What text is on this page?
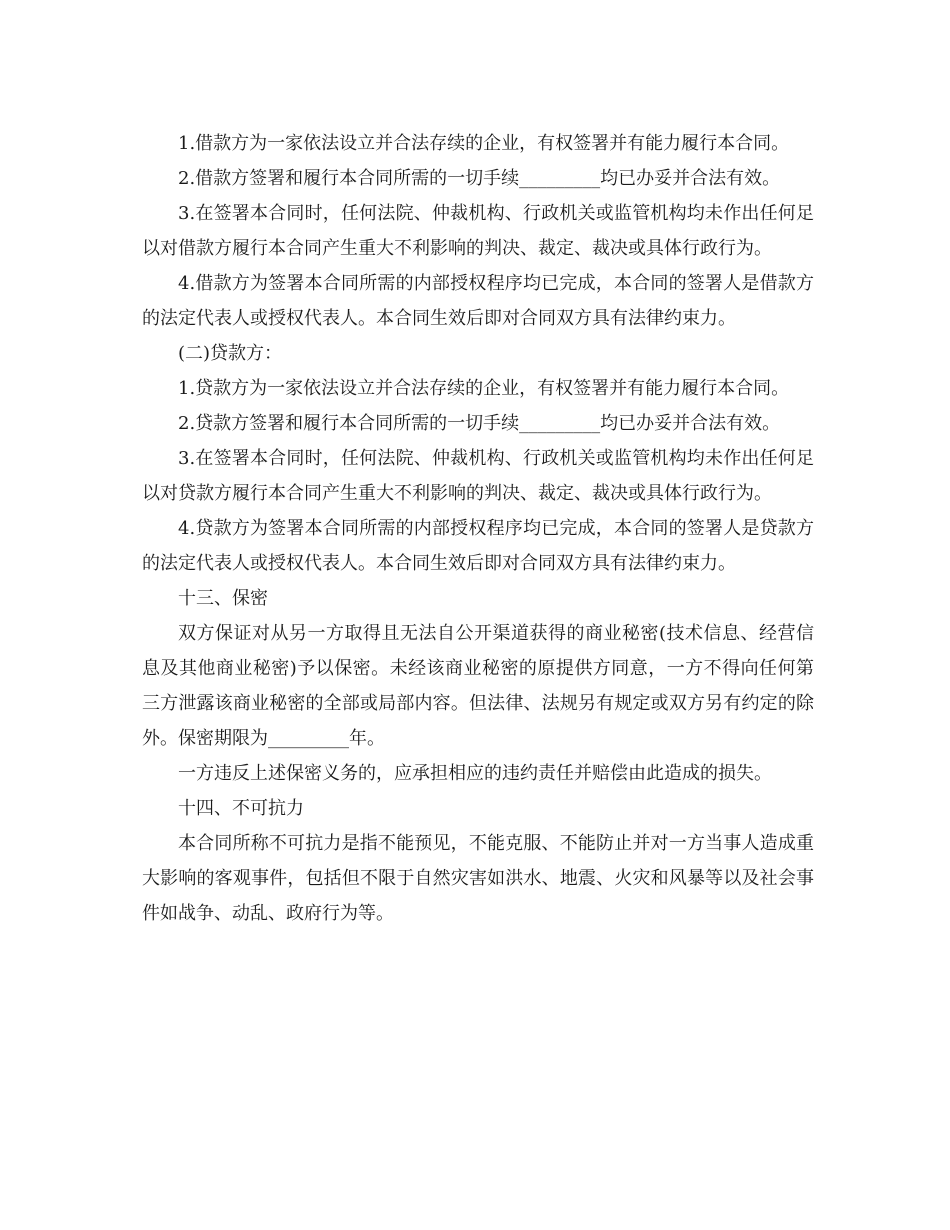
1.借款方为一家依法设立并合法存续的企业，有权签署并有能力履行本合同。

2.借款方签署和履行本合同所需的一切手续_________均已办妥并合法有效。

3.在签署本合同时，任何法院、仲裁机构、行政机关或监管机构均未作出任何足以对借款方履行本合同产生重大不利影响的判决、裁定、裁决或具体行政行为。

4.借款方为签署本合同所需的内部授权程序均已完成，本合同的签署人是借款方的法定代表人或授权代表人。本合同生效后即对合同双方具有法律约束力。

(二)贷款方：

1.贷款方为一家依法设立并合法存续的企业，有权签署并有能力履行本合同。

2.贷款方签署和履行本合同所需的一切手续_________均已办妥并合法有效。

3.在签署本合同时，任何法院、仲裁机构、行政机关或监管机构均未作出任何足以对贷款方履行本合同产生重大不利影响的判决、裁定、裁决或具体行政行为。

4.贷款方为签署本合同所需的内部授权程序均已完成，本合同的签署人是贷款方的法定代表人或授权代表人。本合同生效后即对合同双方具有法律约束力。

十三、保密

双方保证对从另一方取得且无法自公开渠道获得的商业秘密(技术信息、经营信息及其他商业秘密)予以保密。未经该商业秘密的原提供方同意，一方不得向任何第三方泄露该商业秘密的全部或局部内容。但法律、法规另有规定或双方另有约定的除外。保密期限为_________年。

一方违反上述保密义务的，应承担相应的违约责任并赔偿由此造成的损失。

十四、不可抗力

本合同所称不可抗力是指不能预见，不能克服、不能防止并对一方当事人造成重大影响的客观事件，包括但不限于自然灾害如洪水、地震、火灾和风暴等以及社会事件如战争、动乱、政府行为等。
